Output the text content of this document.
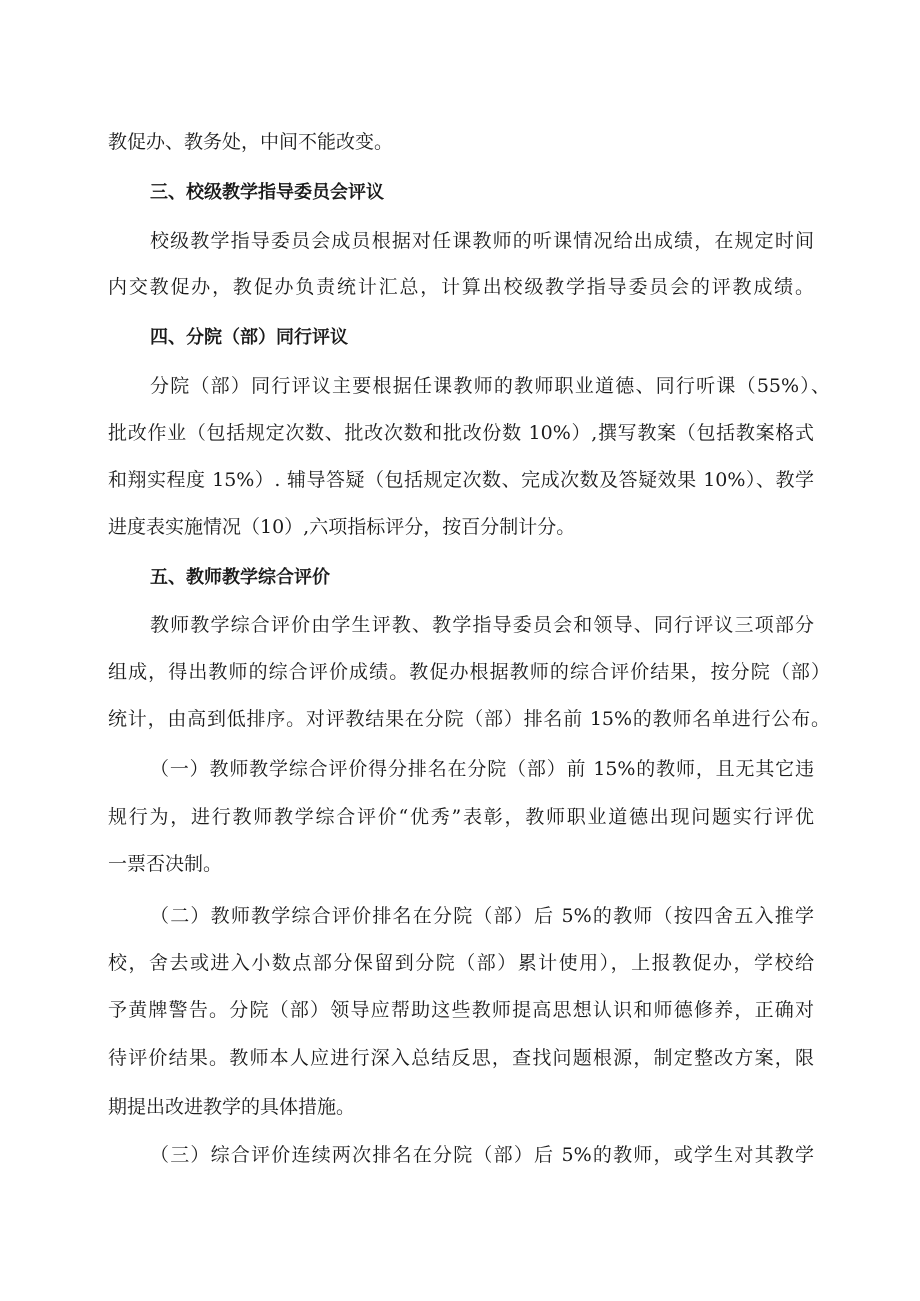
教促办、教务处，中间不能改变。

三、校级教学指导委员会评议

校级教学指导委员会成员根据对任课教师的听课情况给出成绩，在规定时间

内交教促办，教促办负责统计汇总，计算出校级教学指导委员会的评教成绩。

四、分院（部）同行评议

分院（部）同行评议主要根据任课教师的教师职业道德、同行听课（55%）、

批改作业（包括规定次数、批改次数和批改份数 10%）,撰写教案（包括教案格式

和翔实程度 15%）. 辅导答疑（包括规定次数、完成次数及答疑效果 10%）、教学

进度表实施情况（10）,六项指标评分，按百分制计分。

五、教师教学综合评价

教师教学综合评价由学生评教、教学指导委员会和领导、同行评议三项部分

组成，得出教师的综合评价成绩。教促办根据教师的综合评价结果，按分院（部）

统计，由高到低排序。对评教结果在分院（部）排名前 15%的教师名单进行公布。

（一）教师教学综合评价得分排名在分院（部）前 15%的教师，且无其它违

规行为，进行教师教学综合评价“优秀”表彰，教师职业道德出现问题实行评优

一票否决制。

（二）教师教学综合评价排名在分院（部）后 5%的教师（按四舍五入推学

校，舍去或进入小数点部分保留到分院（部）累计使用），上报教促办，学校给

予黄牌警告。分院（部）领导应帮助这些教师提高思想认识和师德修养，正确对

待评价结果。教师本人应进行深入总结反思，查找问题根源，制定整改方案，限

期提出改进教学的具体措施。

（三）综合评价连续两次排名在分院（部）后 5%的教师，或学生对其教学
